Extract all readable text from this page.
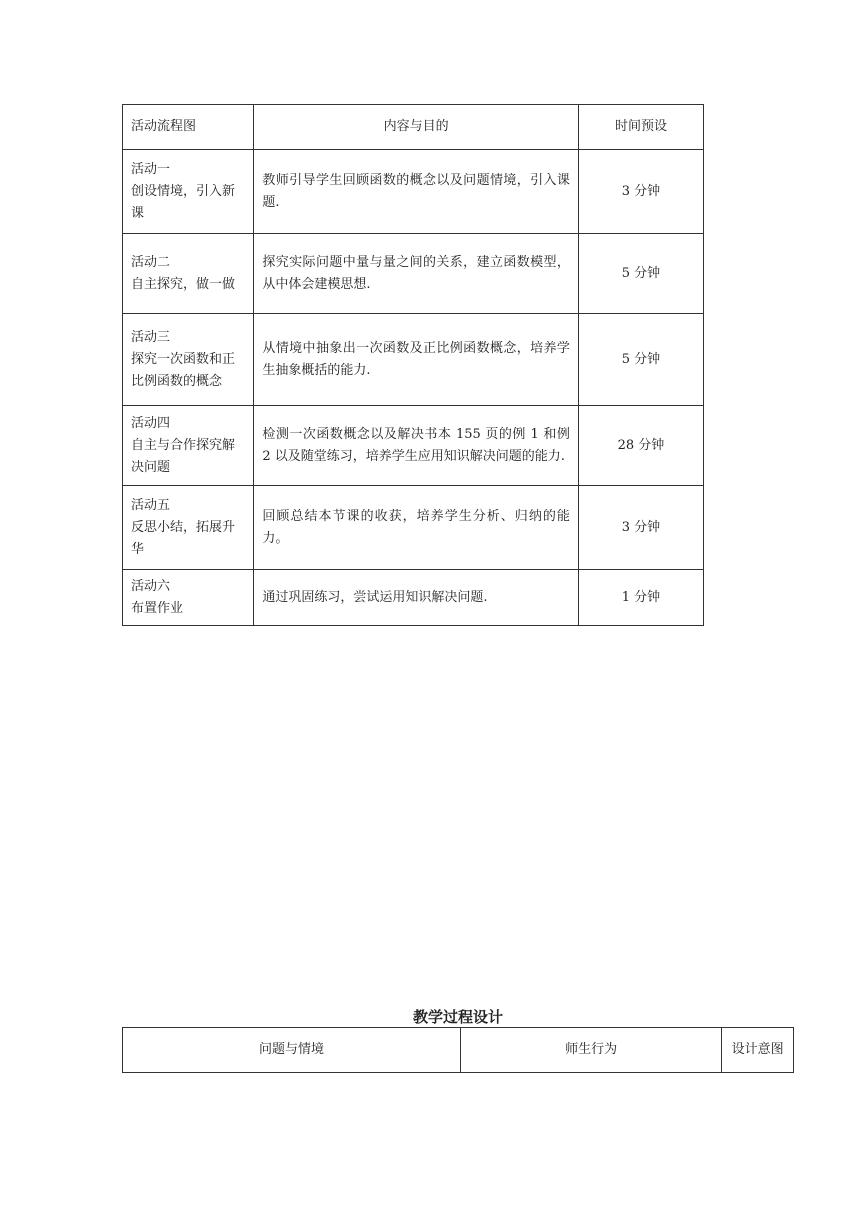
活动流程图	内容与目的	时间预设

活动一
创设情境，引入新课	教师引导学生回顾函数的概念以及问题情境，引入课题.	3 分钟

活动二
自主探究，做一做	探究实际问题中量与量之间的关系，建立函数模型，从中体会建模思想.	5 分钟

活动三
探究一次函数和正比例函数的概念	从情境中抽象出一次函数及正比例函数概念，培养学生抽象概括的能力.	5 分钟

活动四
自主与合作探究解决问题	检测一次函数概念以及解决书本 155 页的例 1 和例 2 以及随堂练习，培养学生应用知识解决问题的能力.	28 分钟

活动五
反思小结，拓展升华	回顾总结本节课的收获，培养学生分析、归纳的能力。	3 分钟

活动六
布置作业	通过巩固练习，尝试运用知识解决问题.	1 分钟
教学过程设计
问题与情境	师生行为	设计意图
